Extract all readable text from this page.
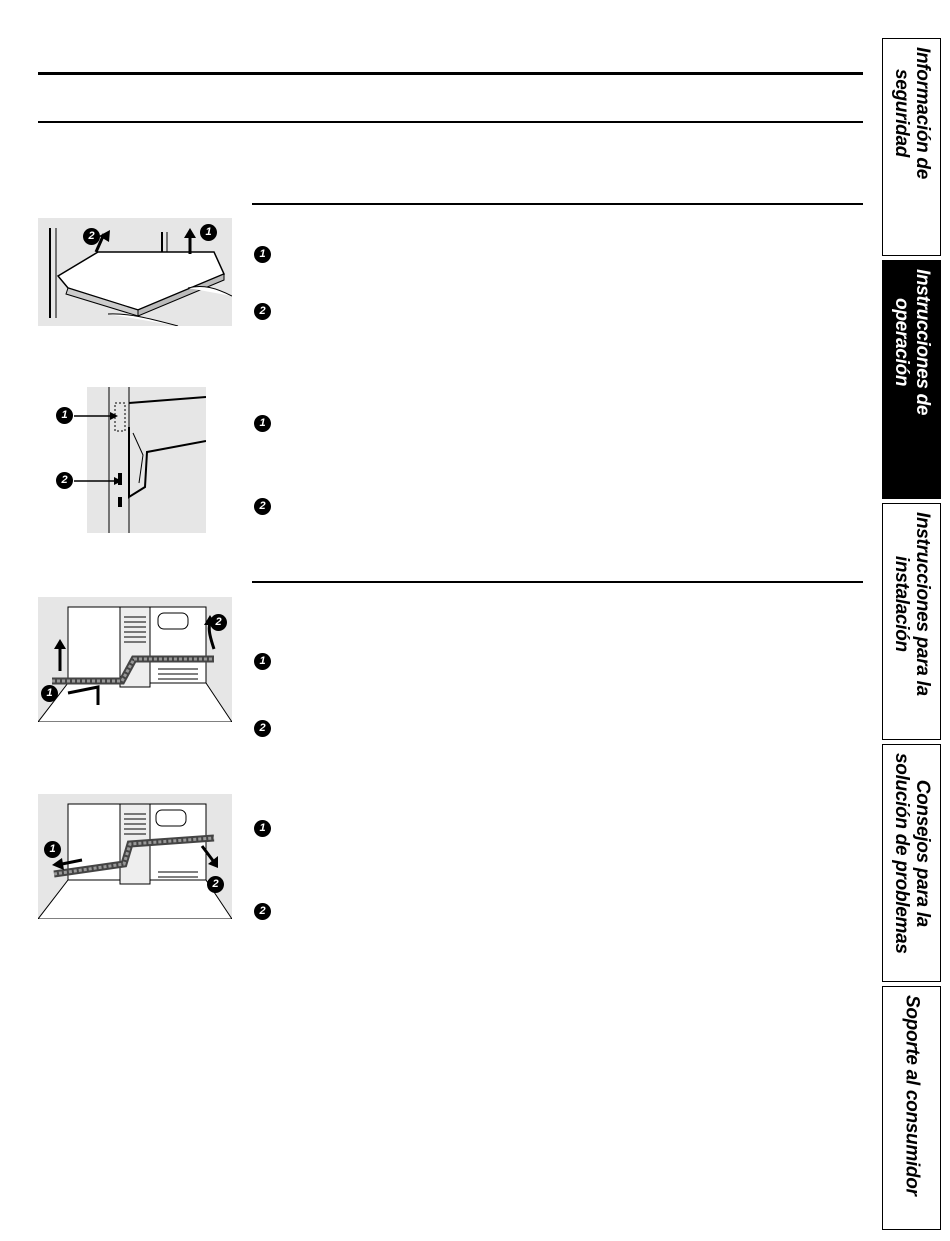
2	1
1
2
1
2
1
2
2
1
1
2
1
2
1
2
Información de
seguridad
Instrucciones de
operación
Instrucciones para la
instalación
Consejos para la
solución de problemas
Soporte al consumidor
